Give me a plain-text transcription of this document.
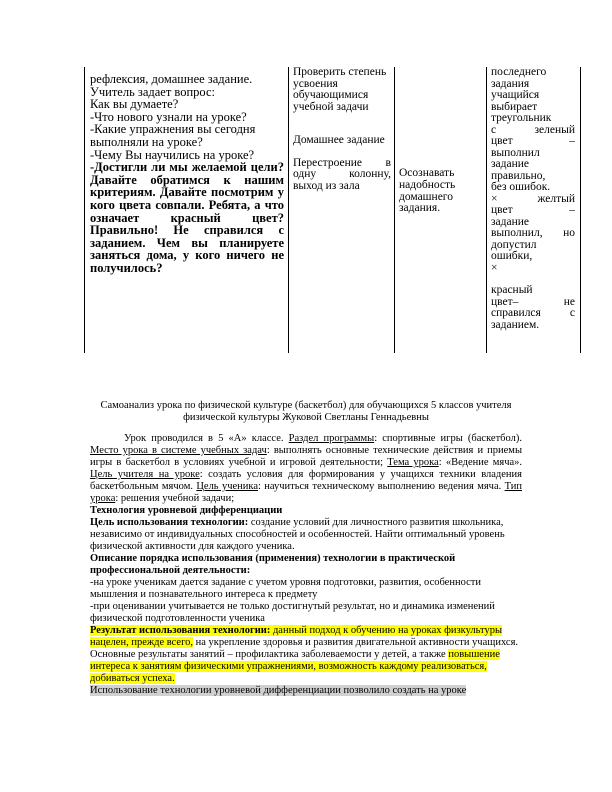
рефлексия, домашнее задание.
Учитель задает вопрос:
Как вы думаете?
-Что нового узнали на уроке?
-Какие упражнения вы сегодня
выполняли на уроке?
-Чему Вы научились на уроке?
-Достигли ли мы желаемой цели? Давайте обратимся к нашим критериям. Давайте посмотрим у кого цвета совпали. Ребята, а что означает красный цвет? Правильно! Не справился с заданием. Чем вы планируете заняться дома, у кого ничего не получилось?
Проверить степень усвоения обучающимися учебной задачи
Домашнее задание
Перестроение в одну колонну, выход из зала
Осознавать надобность домашнего задания.
последнего
задания
учащийся
выбирает
треугольник
с зеленый
цвет –
выполнил
задание
правильно,
без ошибок.
× желтый
цвет –
задание
выполнил, но
допустил
ошибки,
×
красный
цвет– не
справился с
заданием.
Самоанализ урока по физической культуре (баскетбол) для обучающихся 5 классов учителя физической культуры Жуковой Светланы Геннадьевны

Урок проводился в 5 «А» классе. Раздел программы: спортивные игры (баскетбол). Место урока в системе учебных задач: выполнять основные технические действия и приемы игры в баскетбол в условиях учебной и игровой деятельности; Тема урока: «Ведение мяча». Цель учителя на уроке: создать условия для формирования у учащихся техники владения баскетбольным мячом. Цель ученика: научиться техническому выполнению ведения мяча. Тип урока: решения учебной задачи;

Технология уровневой дифференциации

Цель использования технологии: создание условий для личностного развития школьника, независимо от индивидуальных способностей и особенностей. Найти оптимальный уровень физической активности для каждого ученика.

Описание порядка использования (применения) технологии в практической профессиональной деятельности:

-на уроке ученикам дается задание с учетом уровня подготовки, развития, особенности мышления и познавательного интереса к предмету

-при оценивании учитывается не только достигнутый результат, но и динамика изменений физической подготовленности ученика

Результат использования технологии: данный подход к обучению на уроках физкультуры нацелен, прежде всего, на укрепление здоровья и развития двигательной активности учащихся. Основные результаты занятий – профилактика заболеваемости у детей, а также повышение интереса к занятиям физическими упражнениями, возможность каждому реализоваться, добиваться успеха.

Использование технологии уровневой дифференциации позволило создать на уроке
